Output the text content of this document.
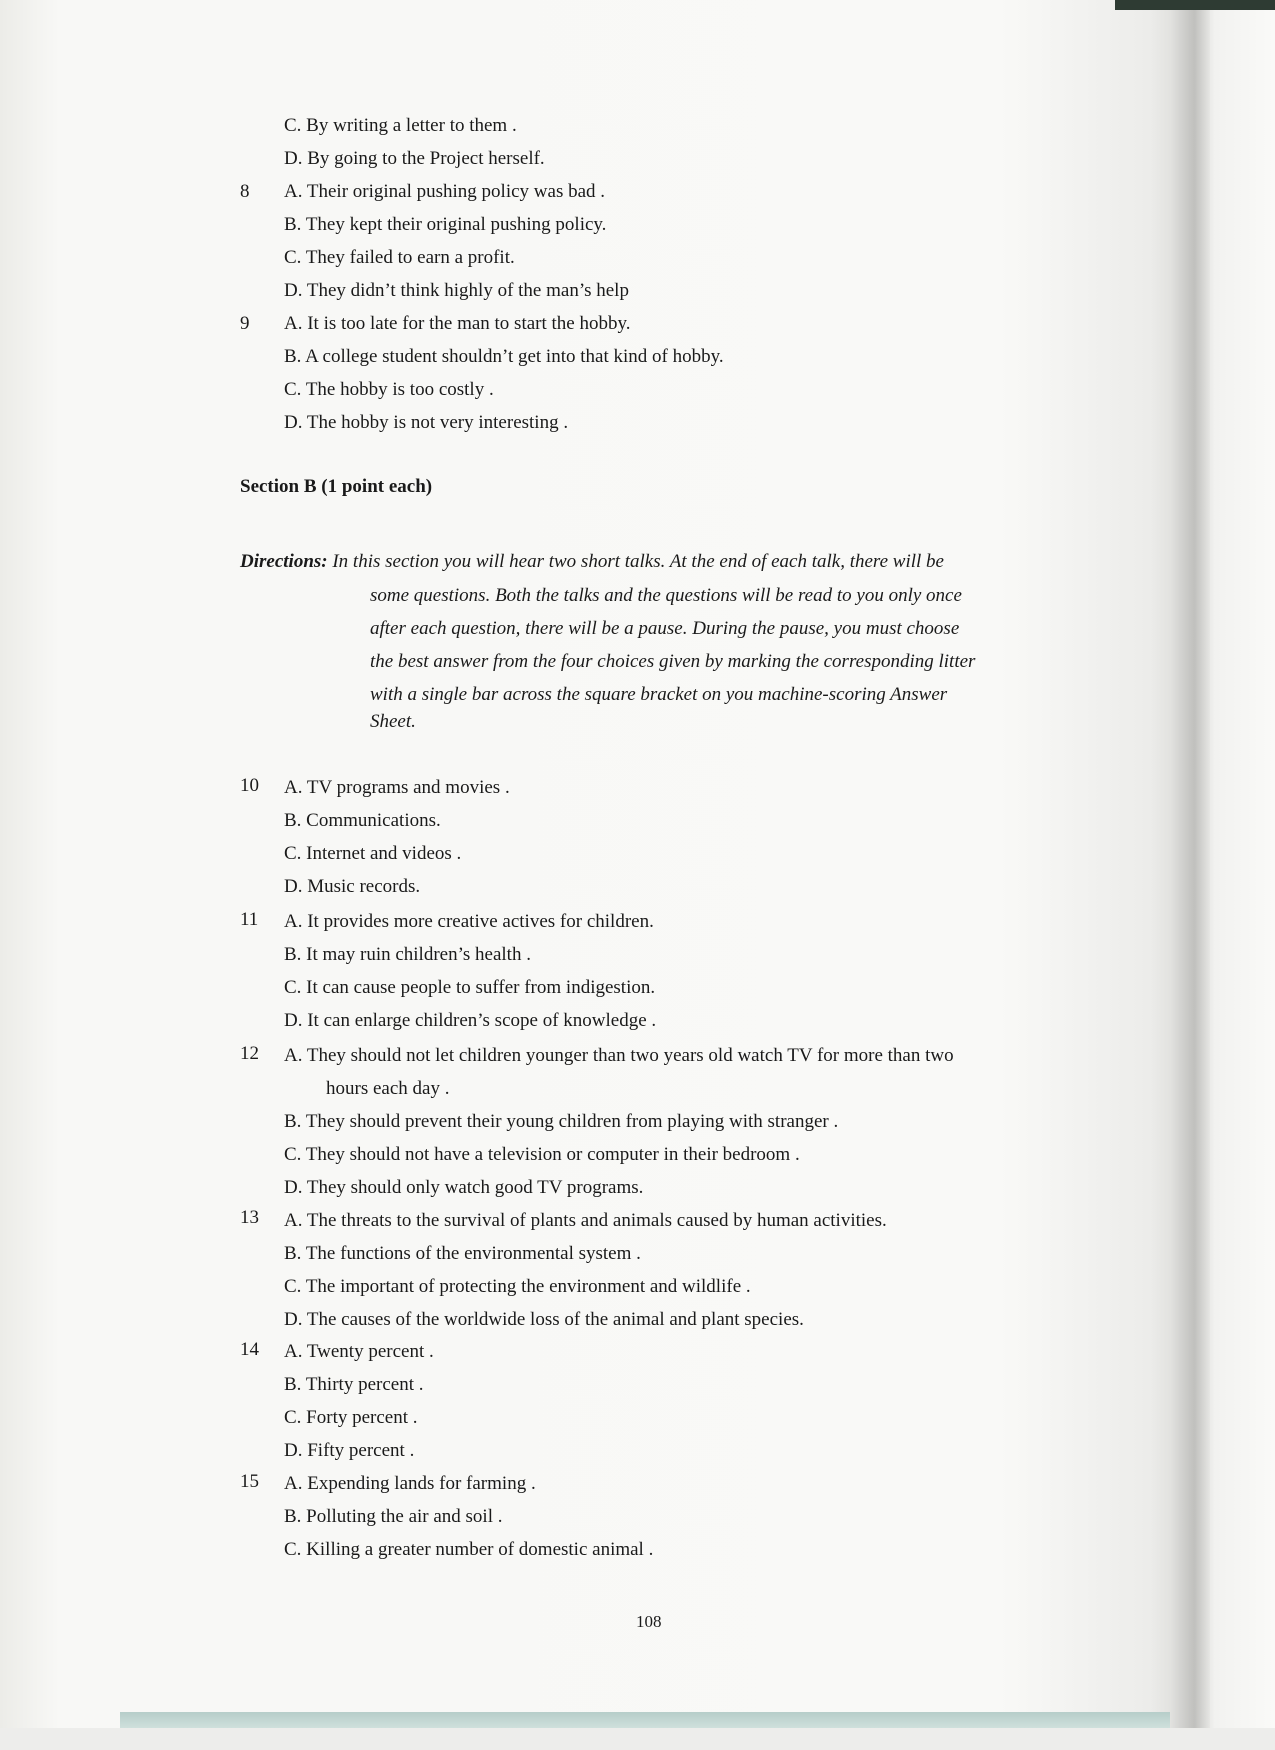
C. By writing a letter to them .
D. By going to the Project herself.
8 A. Their original pushing policy was bad .
B. They kept their original pushing policy.
C. They failed to earn a profit.
D. They didn’t think highly of the man’s help
9 A. It is too late for the man to start the hobby.
B. A college student shouldn’t get into that kind of hobby.
C. The hobby is too costly .
D. The hobby is not very interesting .
Section B (1 point each)
Directions: In this section you will hear two short talks. At the end of each talk, there will be
some questions. Both the talks and the questions will be read to you only once
after each question, there will be a pause. During the pause, you must choose
the best answer from the four choices given by marking the corresponding litter
with a single bar across the square bracket on you machine-scoring Answer
Sheet.
10 A. TV programs and movies .
B. Communications.
C. Internet and videos .
D. Music records.
11 A. It provides more creative actives for children.
B. It may ruin children’s health .
C. It can cause people to suffer from indigestion.
D. It can enlarge children’s scope of knowledge .
12 A. They should not let children younger than two years old watch TV for more than two
hours each day .
B. They should prevent their young children from playing with stranger .
C. They should not have a television or computer in their bedroom .
D. They should only watch good TV programs.
13 A. The threats to the survival of plants and animals caused by human activities.
B. The functions of the environmental system .
C. The important of protecting the environment and wildlife .
D. The causes of the worldwide loss of the animal and plant species.
14 A. Twenty percent .
B. Thirty percent .
C. Forty percent .
D. Fifty percent .
15 A. Expending lands for farming .
B. Polluting the air and soil .
C. Killing a greater number of domestic animal .
108
